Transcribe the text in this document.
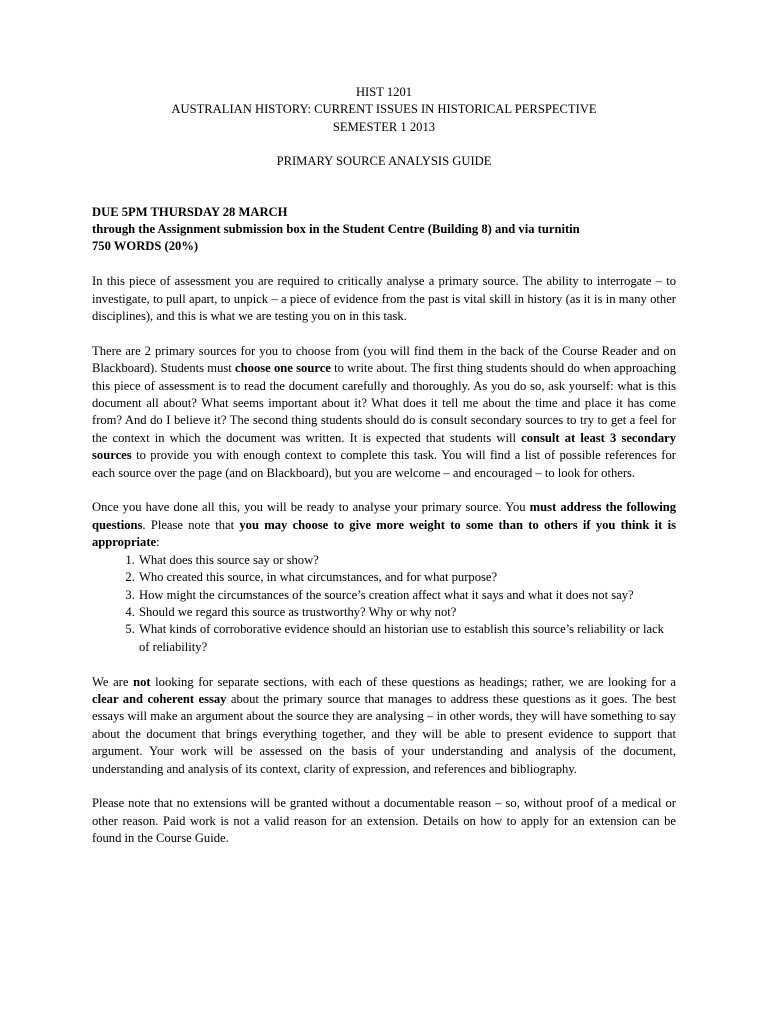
HIST 1201
AUSTRALIAN HISTORY: CURRENT ISSUES IN HISTORICAL PERSPECTIVE
SEMESTER 1 2013
PRIMARY SOURCE ANALYSIS GUIDE
DUE 5PM THURSDAY 28 MARCH
through the Assignment submission box in the Student Centre (Building 8) and via turnitin
750 WORDS (20%)

In this piece of assessment you are required to critically analyse a primary source. The ability to interrogate – to investigate, to pull apart, to unpick – a piece of evidence from the past is vital skill in history (as it is in many other disciplines), and this is what we are testing you on in this task.

There are 2 primary sources for you to choose from (you will find them in the back of the Course Reader and on Blackboard). Students must choose one source to write about. The first thing students should do when approaching this piece of assessment is to read the document carefully and thoroughly. As you do so, ask yourself: what is this document all about? What seems important about it? What does it tell me about the time and place it has come from? And do I believe it? The second thing students should do is consult secondary sources to try to get a feel for the context in which the document was written. It is expected that students will consult at least 3 secondary sources to provide you with enough context to complete this task. You will find a list of possible references for each source over the page (and on Blackboard), but you are welcome – and encouraged – to look for others.

Once you have done all this, you will be ready to analyse your primary source. You must address the following questions. Please note that you may choose to give more weight to some than to others if you think it is appropriate:

1. What does this source say or show?
2. Who created this source, in what circumstances, and for what purpose?
3. How might the circumstances of the source’s creation affect what it says and what it does not say?
4. Should we regard this source as trustworthy? Why or why not?
5. What kinds of corroborative evidence should an historian use to establish this source’s reliability or lack of reliability?

We are not looking for separate sections, with each of these questions as headings; rather, we are looking for a clear and coherent essay about the primary source that manages to address these questions as it goes. The best essays will make an argument about the source they are analysing – in other words, they will have something to say about the document that brings everything together, and they will be able to present evidence to support that argument. Your work will be assessed on the basis of your understanding and analysis of the document, understanding and analysis of its context, clarity of expression, and references and bibliography.

Please note that no extensions will be granted without a documentable reason – so, without proof of a medical or other reason. Paid work is not a valid reason for an extension. Details on how to apply for an extension can be found in the Course Guide.
